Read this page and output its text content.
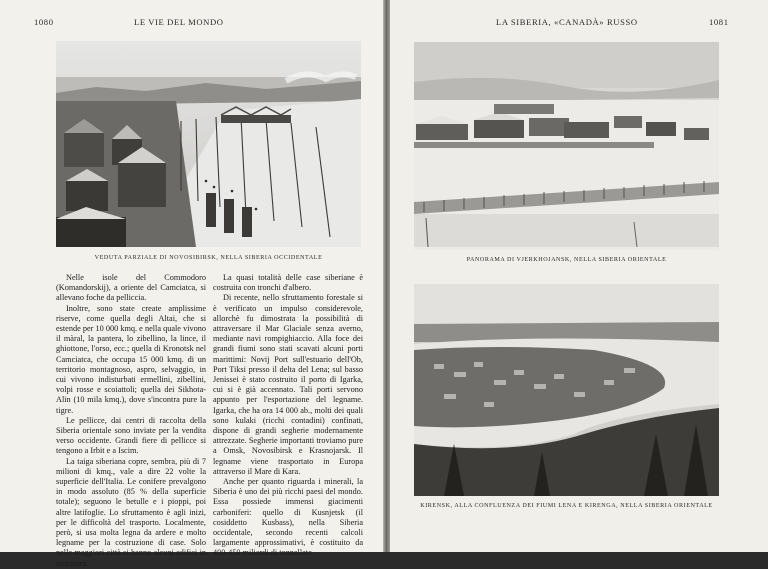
1080	LE VIE DEL MONDO
VEDUTA PARZIALE DI NOVOSIBIRSK, NELLA SIBERIA OCCIDENTALE

Nelle isole del Commodoro (Komandorskij), a oriente del Camciatca, si allevano foche da pelliccia.

Inoltre, sono state create amplissime riserve, come quella degli Altai, che si estende per 10 000 kmq. e nella quale vivono il màral, la pantera, lo zibellino, la lince, il ghiottone, l'orso, ecc.; quella di Kronotsk nel Camciatca, che occupa 15 000 kmq. di un territorio montagnoso, aspro, selvaggio, in cui vivono indisturbati ermellini, zibellini, volpi rosse e scoiattoli; quella dei Sikhota-Alin (10 mila kmq.), dove s'incontra pure la tigre.

Le pellicce, dai centri di raccolta della Siberia orientale sono inviate per la vendita verso occidente. Grandi fiere di pellicce si tengono a Irbit e a Iscim.

La taiga siberiana copre, sembra, più di 7 milioni di kmq., vale a dire 22 volte la superficie dell'Italia. Le conifere prevalgono in modo assoluto (85 % della superficie totale); seguono le betulle e i pioppi, poi altre latifoglie. Lo sfruttamento è agli inizi, per le difficoltà del trasporto. Localmente, però, si usa molta legna da ardere e molto legname per la costruzione di case. Solo nelle maggiori città si hanno alcuni edifici in muratura.

La quasi totalità delle case siberiane è costruita con tronchi d'albero.

Di recente, nello sfruttamento forestale si è verificato un impulso considerevole, allorchè fu dimostrata la possibilità di attraversare il Mar Glaciale senza averno, mediante navi rompighiaccio. Alla foce dei grandi fiumi sono stati scavati alcuni porti marittimi: Novij Port sull'estuario dell'Ob, Port Tiksi presso il delta del Lena; sul basso Jenissei è stato costruito il porto di Igarka, cui si è già accennato. Tali porti servono appunto per l'esportazione del legname. Igarka, che ha ora 14 000 ab., molti dei quali sono kulaki (ricchi contadini) confinati, dispone di grandi segherie modernamente attrezzate. Segherie importanti troviamo pure a Omsk, Novosibirsk e Krasnojarsk. Il legname viene trasportato in Europa attraverso il Mare di Kara.

Anche per quanto riguarda i minerali, la Siberia è uno dei più ricchi paesi del mondo. Essa possiede immensi giacimenti carboniferi: quello di Kusnjetsk (il cosiddetto Kusbass), nella Siberia occidentale, secondo recenti calcoli largamente approssimativi, è costituito da 400-450 miliardi di tonnellate

LA SIBERIA, «CANADÀ» RUSSO	1081
PANORAMA DI VJERKHOJANSK, NELLA SIBERIA ORIENTALE
KIRENSK, ALLA CONFLUENZA DEI FIUMI LENA E KIRENGA, NELLA SIBERIA ORIENTALE
